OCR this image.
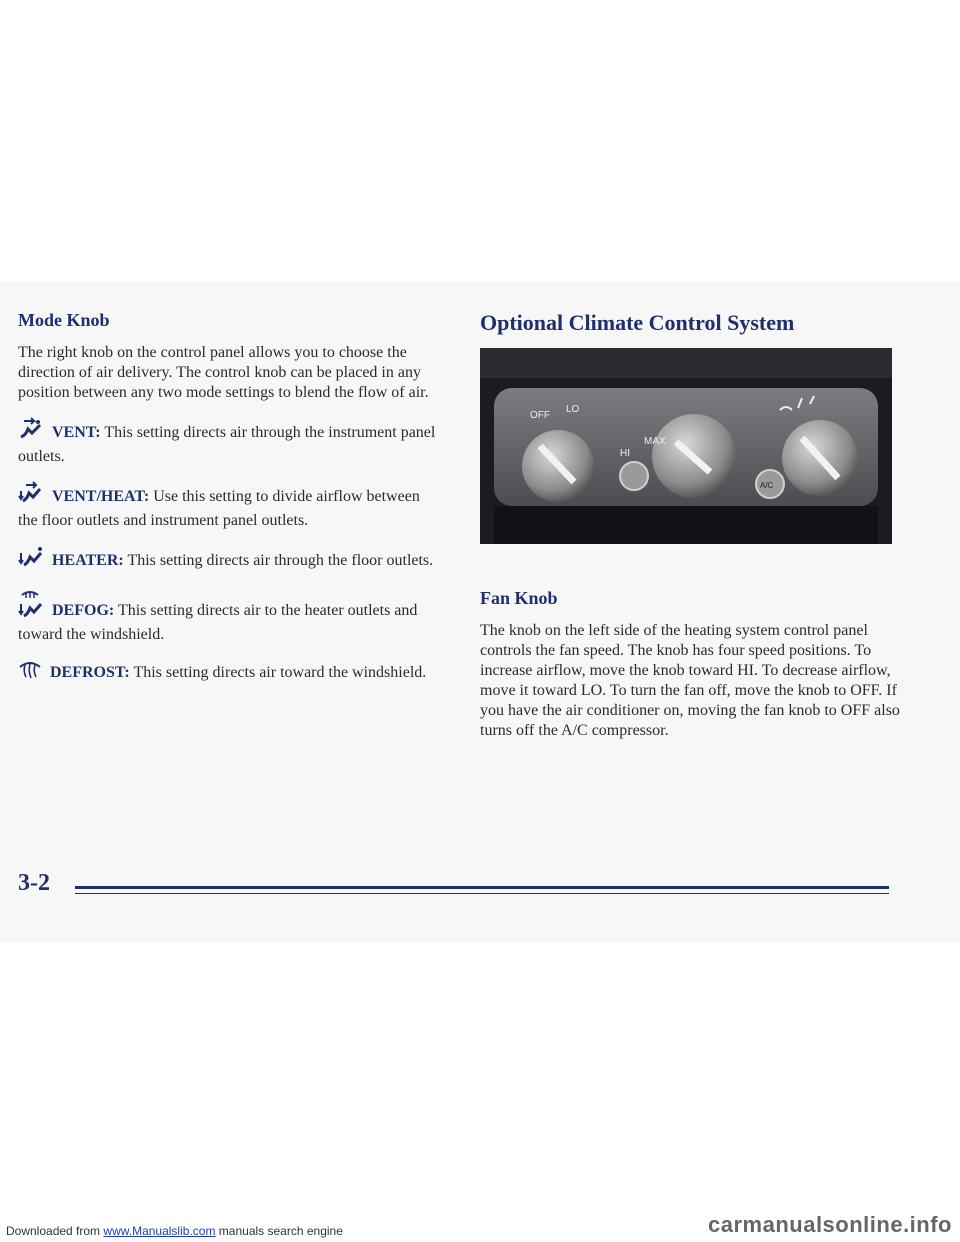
Mode Knob

The right knob on the control panel allows you to choose the direction of air delivery. The control knob can be placed in any position between any two mode settings to blend the flow of air.

VENT: This setting directs air through the instrument panel outlets.
VENT/HEAT: Use this setting to divide airflow between the floor outlets and instrument panel outlets.
HEATER: This setting directs air through the floor outlets.
DEFOG: This setting directs air to the heater outlets and toward the windshield.
DEFROST: This setting directs air toward the windshield.
Optional Climate Control System
OFF
LO
HI
MAX
A/C
Fan Knob

The knob on the left side of the heating system control panel controls the fan speed. The knob has four speed positions. To increase airflow, move the knob toward HI. To decrease airflow, move it toward LO. To turn the fan off, move the knob to OFF. If you have the air conditioner on, moving the fan knob to OFF also turns off the A/C compressor.

3-2
Downloaded from www.Manualslib.com manuals search engine	carmanualsonline.info
